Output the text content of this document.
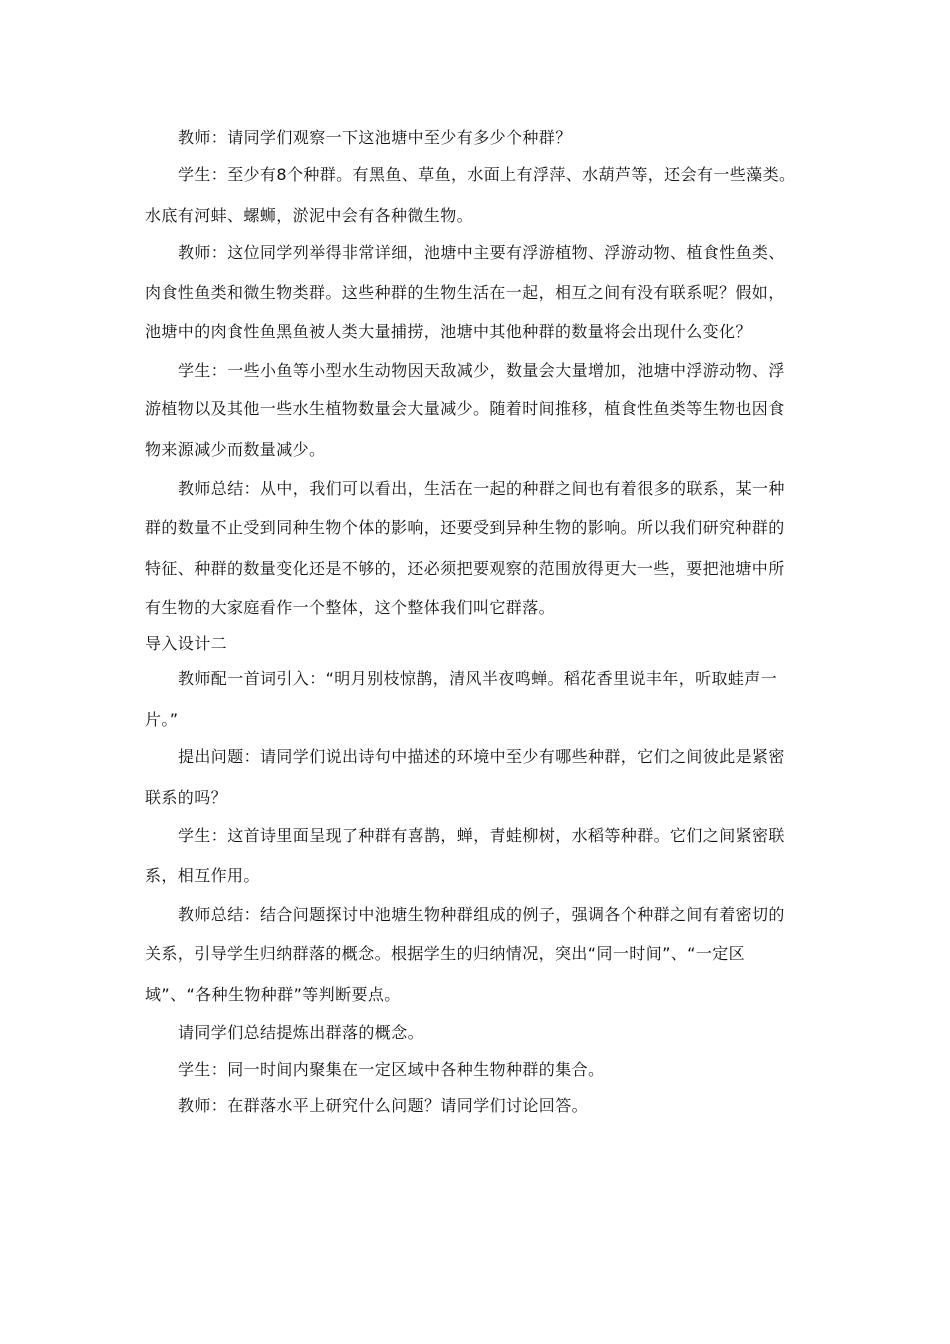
教师：请同学们观察一下这池塘中至少有多少个种群？
学生：至少有8个种群。有黑鱼、草鱼，水面上有浮萍、水葫芦等，还会有一些藻类。
水底有河蚌、螺蛳，淤泥中会有各种微生物。
教师：这位同学列举得非常详细，池塘中主要有浮游植物、浮游动物、植食性鱼类、
肉食性鱼类和微生物类群。这些种群的生物生活在一起，相互之间有没有联系呢？假如，
池塘中的肉食性鱼黑鱼被人类大量捕捞，池塘中其他种群的数量将会出现什么变化？
学生：一些小鱼等小型水生动物因天敌减少，数量会大量增加，池塘中浮游动物、浮
游植物以及其他一些水生植物数量会大量减少。随着时间推移，植食性鱼类等生物也因食
物来源减少而数量减少。
教师总结：从中，我们可以看出，生活在一起的种群之间也有着很多的联系，某一种
群的数量不止受到同种生物个体的影响，还要受到异种生物的影响。所以我们研究种群的
特征、种群的数量变化还是不够的，还必须把要观察的范围放得更大一些，要把池塘中所
有生物的大家庭看作一个整体，这个整体我们叫它群落。
导入设计二
教师配一首词引入：“明月别枝惊鹊，清风半夜鸣蝉。稻花香里说丰年，听取蛙声一
片。”
提出问题：请同学们说出诗句中描述的环境中至少有哪些种群，它们之间彼此是紧密
联系的吗？
学生：这首诗里面呈现了种群有喜鹊，蝉，青蛙柳树，水稻等种群。它们之间紧密联
系，相互作用。
教师总结：结合问题探讨中池塘生物种群组成的例子，强调各个种群之间有着密切的
关系，引导学生归纳群落的概念。根据学生的归纳情况，突出“同一时间”、“一定区
域”、“各种生物种群”等判断要点。
请同学们总结提炼出群落的概念。
学生：同一时间内聚集在一定区域中各种生物种群的集合。
教师：在群落水平上研究什么问题？请同学们讨论回答。
